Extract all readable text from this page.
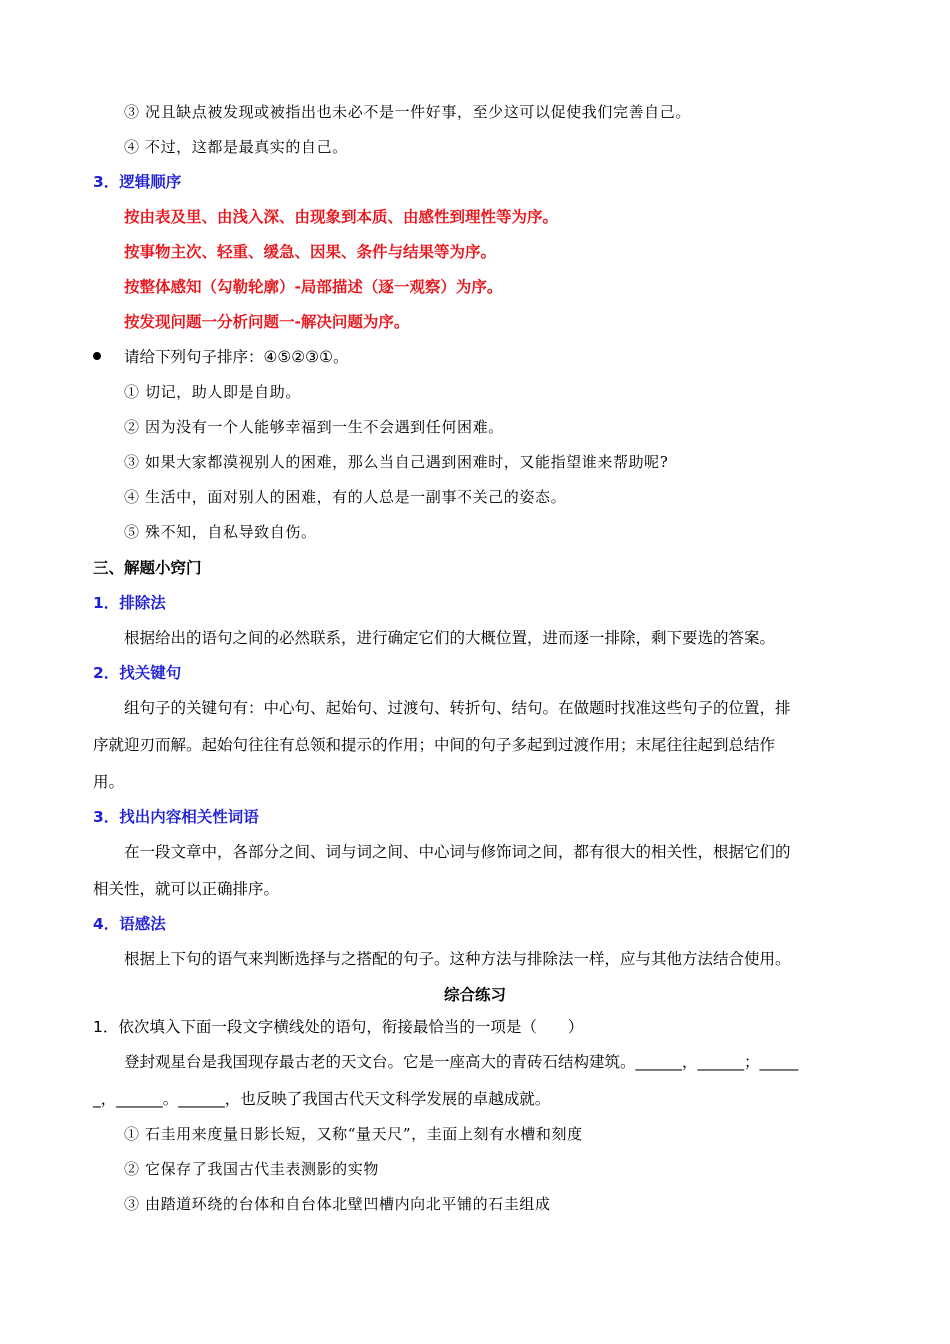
③ 况且缺点被发现或被指出也未必不是一件好事，至少这可以促使我们完善自己。
④ 不过，这都是最真实的自己。
3．逻辑顺序
按由表及里、由浅入深、由现象到本质、由感性到理性等为序。
按事物主次、轻重、缓急、因果、条件与结果等为序。
按整体感知（勾勒轮廓）-局部描述（逐一观察）为序。
按发现问题一分析问题一-解决问题为序。
请给下列句子排序：④⑤②③①。
① 切记，助人即是自助。
② 因为没有一个人能够幸福到一生不会遇到任何困难。
③ 如果大家都漠视别人的困难，那么当自己遇到困难时，又能指望谁来帮助呢?
④ 生活中，面对别人的困难，有的人总是一副事不关己的姿态。
⑤ 殊不知，自私导致自伤。
三、解题小窍门
1．排除法
根据给出的语句之间的必然联系，进行确定它们的大概位置，进而逐一排除，剩下要选的答案。
2．找关键句
组句子的关键句有：中心句、起始句、过渡句、转折句、结句。在做题时找准这些句子的位置，排
序就迎刃而解。起始句往往有总领和提示的作用；中间的句子多起到过渡作用；末尾往往起到总结作
用。
3．找出内容相关性词语
在一段文章中，各部分之间、词与词之间、中心词与修饰词之间，都有很大的相关性，根据它们的
相关性，就可以正确排序。
4．语感法
根据上下句的语气来判断选择与之搭配的句子。这种方法与排除法一样，应与其他方法结合使用。
综合练习
1．依次填入下面一段文字横线处的语句，衔接最恰当的一项是（　　）
登封观星台是我国现存最古老的天文台。它是一座高大的青砖石结构建筑。______，______；_____
_，______。______，也反映了我国古代天文科学发展的卓越成就。
① 石圭用来度量日影长短，又称“量天尺”，圭面上刻有水槽和刻度
② 它保存了我国古代圭表测影的实物
③ 由踏道环绕的台体和自台体北壁凹槽内向北平铺的石圭组成
